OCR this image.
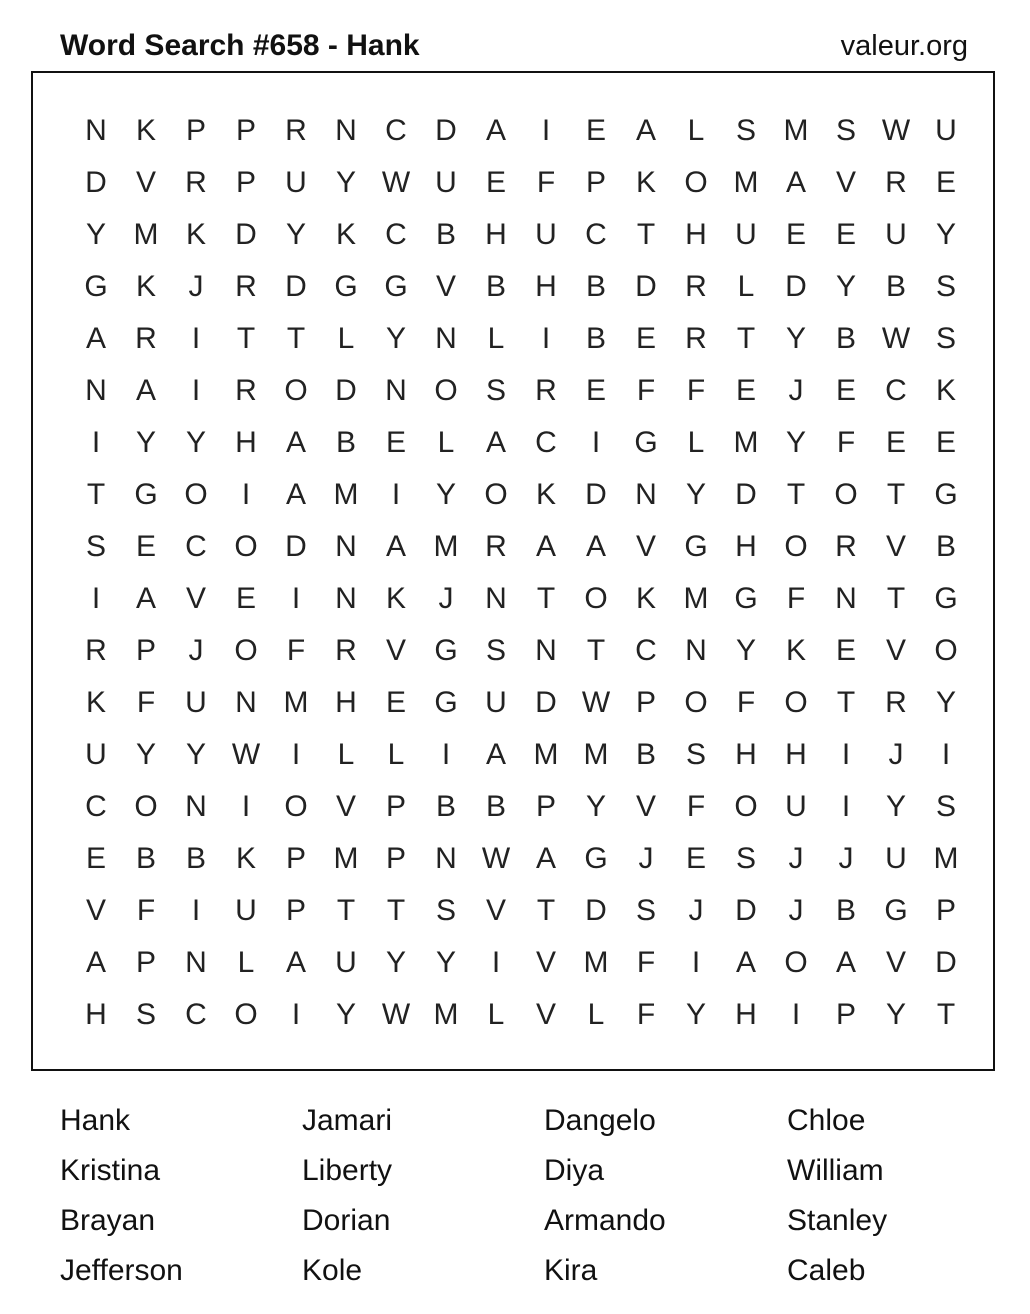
Word Search #658 - Hank	valeur.org
N K P P R N C D A	I	E A	L	S M S W U
D V R P U Y W U E	F	P K O M A V R E
Y M K D Y K C B H U C	T	H U E E U Y
G K	J	R D G G V B H B D R	L	D Y B S
A R	I	T	T	L	Y N	L	I	B E R	T	Y B W S
N A	I	R O D N O S R E	F	F	E	J	E C K
I	Y Y H A B E	L	A C	I	G L M Y	F	E E
T G O	I	A M	I	Y O K D N Y D	T O T G
S E C O D N A M R A A V G H O R V B
I	A V E	I	N K	J	N	T O K M G F	N	T G
R P	J	O F	R V G S N	T	C N Y K E V O
K	F	U N M H E G U D W P O F O T	R Y
U Y Y W	I	L	L	I	A M M B S H H	I	J	I
C O N	I	O V P B B P Y V	F O U	I	Y S
E B B K P M P N W A G	J	E S	J	J	U M
V	F	I	U P	T	T	S V	T	D S	J	D	J	B G P
A P N	L	A U Y Y	I	V M F	I	A O A V D
H S C O	I	Y W M L	V	L	F	Y H	I	P Y	T
Hank	Jamari	Dangelo	Chloe
Kristina	Liberty	Diya	William
Brayan	Dorian	Armando	Stanley
Jefferson	Kole	Kira	Caleb
